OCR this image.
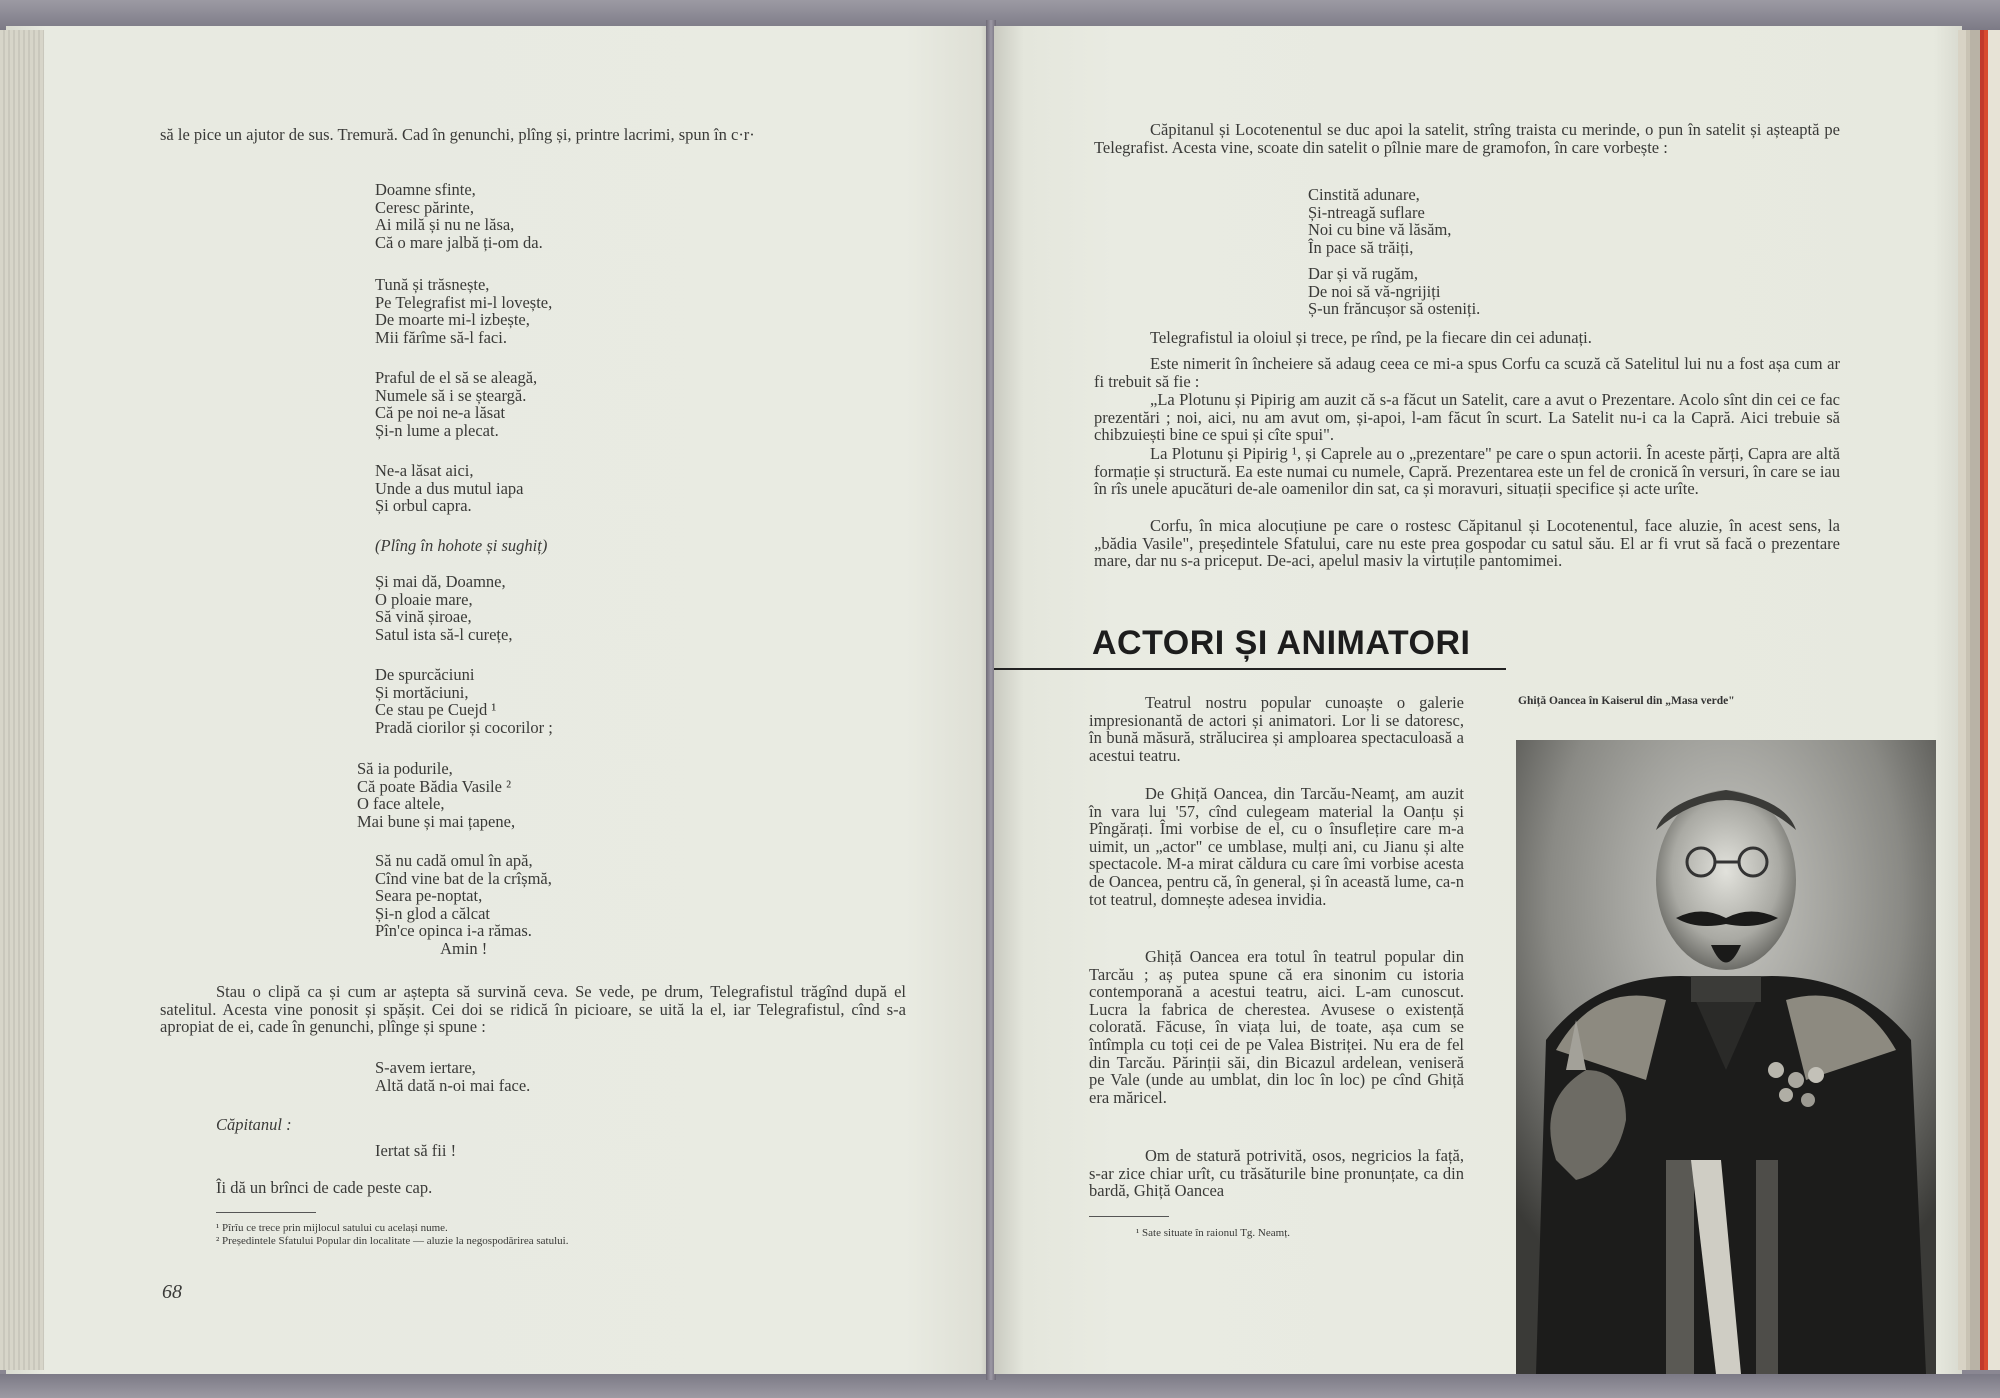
să le pice un ajutor de sus. Tremură. Cad în genunchi, plîng și, printre lacrimi, spun în c·r·
Doamne sfinte,
Ceresc părinte,
Ai milă și nu ne lăsa,
Că o mare jalbă ți-om da.
Tună și trăsnește,
Pe Telegrafist mi-l lovește,
De moarte mi-l izbește,
Mii fărîme să-l faci.
Praful de el să se aleagă,
Numele să i se șteargă.
Că pe noi ne-a lăsat
Și-n lume a plecat.
Ne-a lăsat aici,
Unde a dus mutul iapa
Și orbul capra.
(Plîng în hohote și sughiț)
Și mai dă, Doamne,
O ploaie mare,
Să vină șiroae,
Satul ista să-l curețe,
De spurcăciuni
Și mortăciuni,
Ce stau pe Cuejd ¹
Pradă ciorilor și cocorilor ;
Să ia podurile,
Că poate Bădia Vasile ²
O face altele,
Mai bune și mai țapene,
Să nu cadă omul în apă,
Cînd vine bat de la crîșmă,
Seara pe-noptat,
Și-n glod a călcat
Pîn'ce opinca i-a rămas.
Amin !
Stau o clipă ca și cum ar aștepta să survină ceva. Se vede, pe drum, Telegrafistul trăgînd după el satelitul. Acesta vine ponosit și spășit. Cei doi se ridică în picioare, se uită la el, iar Telegrafistul, cînd s-a apropiat de ei, cade în genunchi, plînge și spune :
S-avem iertare,
Altă dată n-oi mai face.
Căpitanul :
Iertat să fii !
Îi dă un brînci de cade peste cap.
¹ Pîrîu ce trece prin mijlocul satului cu același nume.
² Președintele Sfatului Popular din localitate — aluzie la negospodărirea satului.
68
Căpitanul și Locotenentul se duc apoi la satelit, strîng traista cu merinde, o pun în satelit și așteaptă pe Telegrafist. Acesta vine, scoate din satelit o pîlnie mare de gramofon, în care vorbește :
Cinstită adunare,
Și-ntreagă suflare
Noi cu bine vă lăsăm,
În pace să trăiți,
Dar și vă rugăm,
De noi să vă-ngrijiți
Ș-un frăncușor să osteniți.
Telegrafistul ia oloiul și trece, pe rînd, pe la fiecare din cei adunați.
Este nimerit în încheiere să adaug ceea ce mi-a spus Corfu ca scuză că Satelitul lui nu a fost așa cum ar fi trebuit să fie :
„La Plotunu și Pipirig am auzit că s-a făcut un Satelit, care a avut o Prezentare. Acolo sînt din cei ce fac prezentări ; noi, aici, nu am avut om, și-apoi, l-am făcut în scurt. La Satelit nu-i ca la Capră. Aici trebuie să chibzuiești bine ce spui și cîte spui".
La Plotunu și Pipirig ¹, și Caprele au o „prezentare" pe care o spun actorii. În aceste părți, Capra are altă formație și structură. Ea este numai cu numele, Capră. Prezentarea este un fel de cronică în versuri, în care se iau în rîs unele apucături de-ale oamenilor din sat, ca și moravuri, situații specifice și acte urîte.
Corfu, în mica alocuțiune pe care o rostesc Căpitanul și Locotenentul, face aluzie, în acest sens, la „bădia Vasile", președintele Sfatului, care nu este prea gospodar cu satul său. El ar fi vrut să facă o prezentare mare, dar nu s-a priceput. De-aci, apelul masiv la virtuțile pantomimei.
ACTORI ȘI ANIMATORI
Teatrul nostru popular cunoaște o galerie impresionantă de actori și animatori. Lor li se datoresc, în bună măsură, strălucirea și amploarea spectaculoasă a acestui teatru.
De Ghiță Oancea, din Tarcău-Neamț, am auzit în vara lui '57, cînd culegeam material la Oanțu și Pîngărați. Îmi vorbise de el, cu o însuflețire care m-a uimit, un „actor" ce umblase, mulți ani, cu Jianu și alte spectacole. M-a mirat căldura cu care îmi vorbise acesta de Oancea, pentru că, în general, și în această lume, ca-n tot teatrul, domnește adesea invidia.
Ghiță Oancea era totul în teatrul popular din Tarcău ; aș putea spune că era sinonim cu istoria contemporană a acestui teatru, aici. L-am cunoscut. Lucra la fabrica de cherestea. Avusese o existență colorată. Făcuse, în viața lui, de toate, așa cum se întîmpla cu toți cei de pe Valea Bistriței. Nu era de fel din Tarcău. Părinții săi, din Bicazul ardelean, veniseră pe Vale (unde au umblat, din loc în loc) pe cînd Ghiță era măricel.
Om de statură potrivită, osos, negricios la față, s-ar zice chiar urît, cu trăsăturile bine pronunțate, ca din bardă, Ghiță Oancea
¹ Sate situate în raionul Tg. Neamț.
Ghiță Oancea în Kaiserul din „Masa verde"
